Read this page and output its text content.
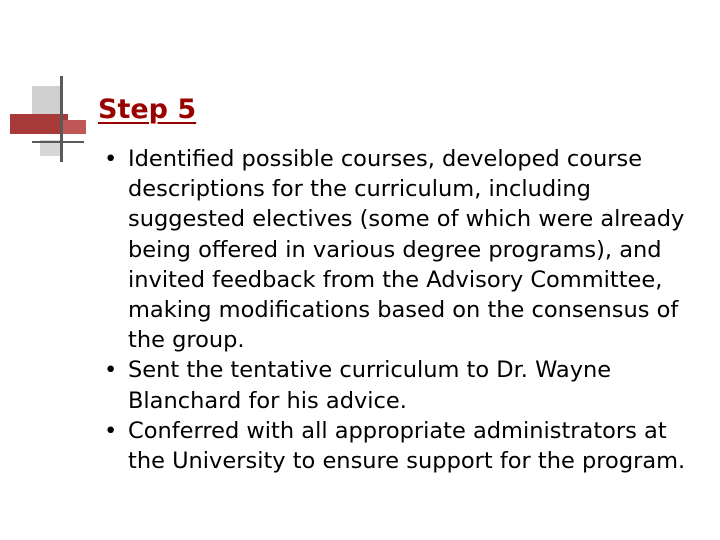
Step 5
• Identified possible courses, developed course descriptions for the curriculum, including suggested electives (some of which were already being offered in various degree programs), and invited feedback from the Advisory Committee, making modifications based on the consensus of the group.
• Sent the tentative curriculum to Dr. Wayne Blanchard for his advice.
• Conferred with all appropriate administrators at the University to ensure support for the program.
